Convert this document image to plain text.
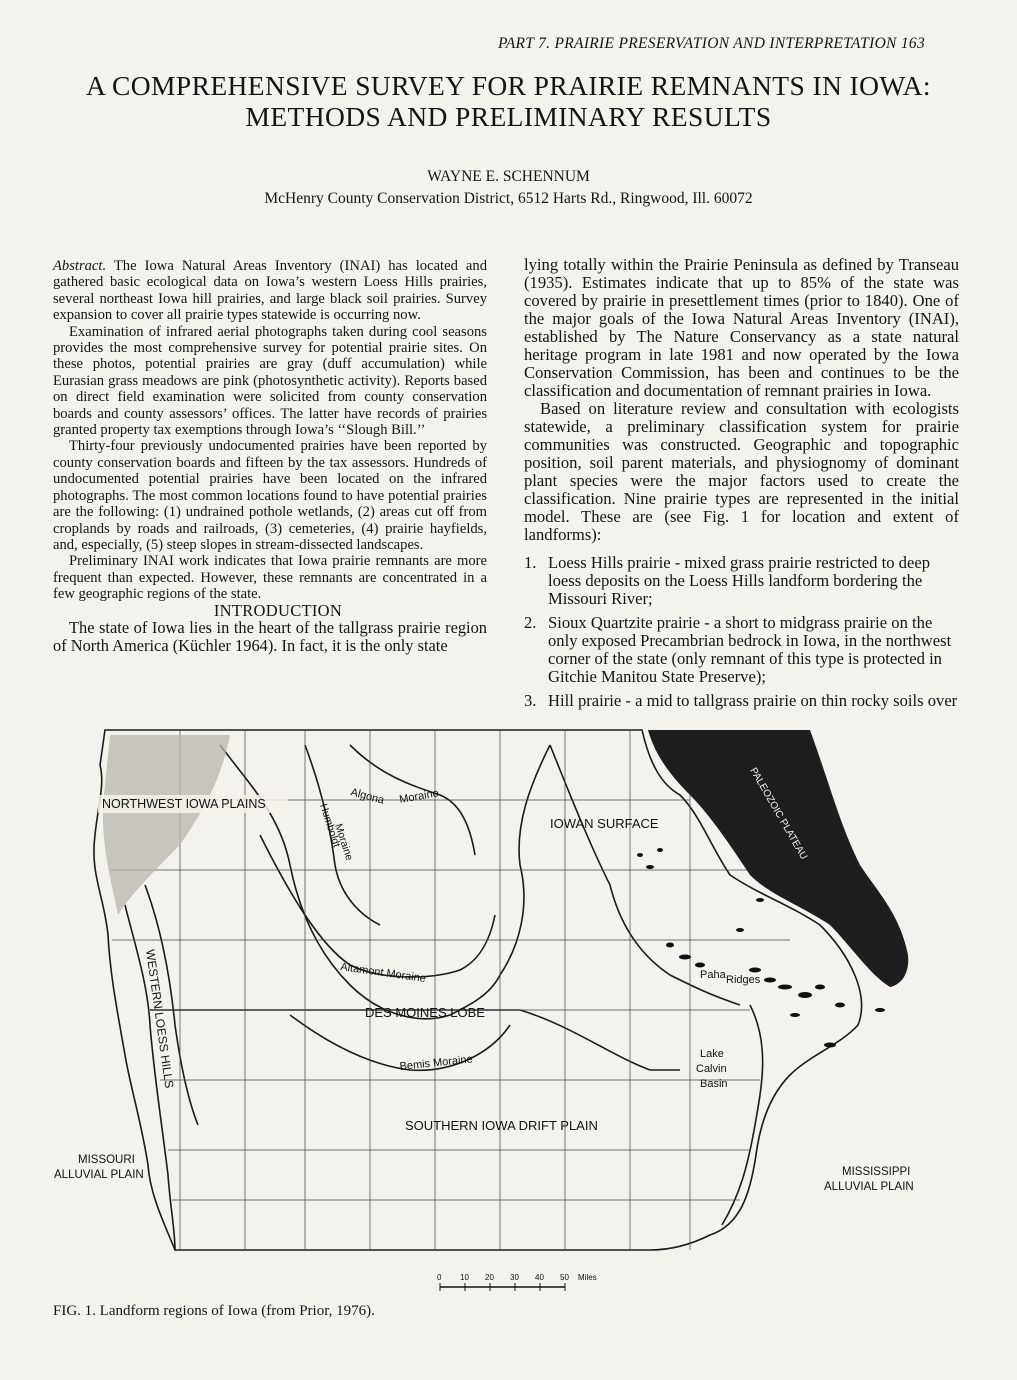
PART 7. PRAIRIE PRESERVATION AND INTERPRETATION 163
A COMPREHENSIVE SURVEY FOR PRAIRIE REMNANTS IN IOWA:
METHODS AND PRELIMINARY RESULTS
WAYNE E. SCHENNUM
McHenry County Conservation District, 6512 Harts Rd., Ringwood, Ill. 60072

Abstract. The Iowa Natural Areas Inventory (INAI) has located and gathered basic ecological data on Iowa’s western Loess Hills prairies, several northeast Iowa hill prairies, and large black soil prairies. Survey expansion to cover all prairie types statewide is occurring now.

Examination of infrared aerial photographs taken during cool seasons provides the most comprehensive survey for potential prairie sites. On these photos, potential prairies are gray (duff accumulation) while Eurasian grass meadows are pink (photosynthetic activity). Reports based on direct field examination were solicited from county conservation boards and county assessors’ offices. The latter have records of prairies granted property tax exemptions through Iowa’s ‘‘Slough Bill.’’

Thirty-four previously undocumented prairies have been reported by county conservation boards and fifteen by the tax assessors. Hundreds of undocumented potential prairies have been located on the infrared photographs. The most common locations found to have potential prairies are the following: (1) undrained pothole wetlands, (2) areas cut off from croplands by roads and railroads, (3) cemeteries, (4) prairie hayfields, and, especially, (5) steep slopes in stream-dissected landscapes.

Preliminary INAI work indicates that Iowa prairie remnants are more frequent than expected. However, these remnants are concentrated in a few geographic regions of the state.

INTRODUCTION

The state of Iowa lies in the heart of the tallgrass prairie region of North America (Küchler 1964). In fact, it is the only state

lying totally within the Prairie Peninsula as defined by Transeau (1935). Estimates indicate that up to 85% of the state was covered by prairie in presettlement times (prior to 1840). One of the major goals of the Iowa Natural Areas Inventory (INAI), established by The Nature Conservancy as a state natural heritage program in late 1981 and now operated by the Iowa Conservation Commission, has been and continues to be the classification and documentation of remnant prairies in Iowa.

Based on literature review and consultation with ecologists statewide, a preliminary classification system for prairie communities was constructed. Geographic and topographic position, soil parent materials, and physiognomy of dominant plant species were the major factors used to create the classification. Nine prairie types are represented in the initial model. These are (see Fig. 1 for location and extent of landforms):

1. Loess Hills prairie - mixed grass prairie restricted to deep loess deposits on the Loess Hills landform bordering the Missouri River;
2. Sioux Quartzite prairie - a short to midgrass prairie on the only exposed Precambrian bedrock in Iowa, in the northwest corner of the state (only remnant of this type is protected in Gitchie Manitou State Preserve);
3. Hill prairie - a mid to tallgrass prairie on thin rocky soils over
NORTHWEST IOWA PLAINS	Algona Moraine
Humboldt
Moraine	IOWAN SURFACE	PALEOZOIC PLATEAU
Paha Ridges
Altamont Moraine
DES MOINES LOBE
Bemis Moraine
WESTERN LOESS HILLS	Lake
Calvin
Basin
SOUTHERN IOWA DRIFT PLAIN
MISSOURI
ALLUVIAL PLAIN	MISSISSIPPI
ALLUVIAL PLAIN
0 10 20 30 40 50 Miles
FIG. 1. Landform regions of Iowa (from Prior, 1976).
